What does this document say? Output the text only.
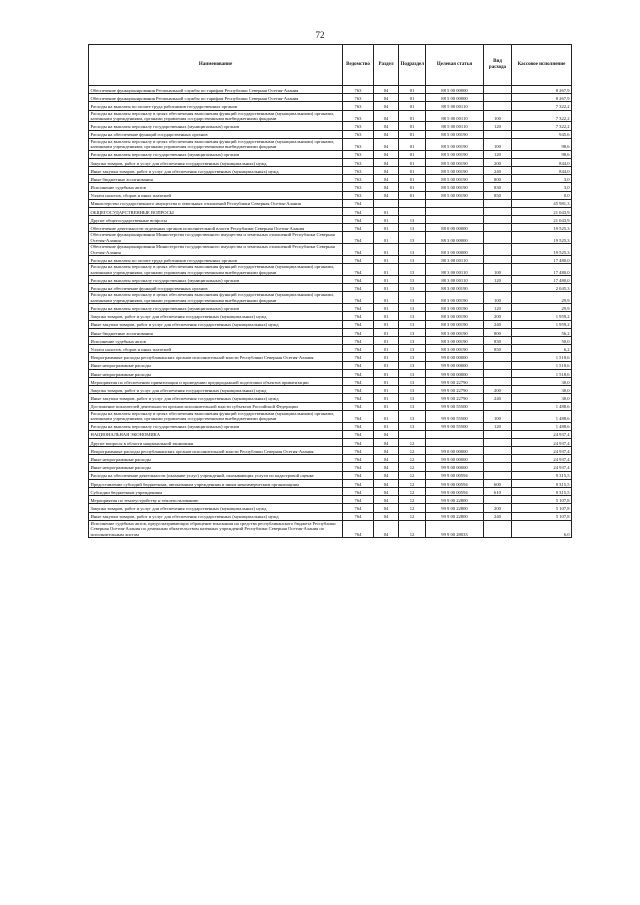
72
Наименование	Ведомство	Раздел	Подраздел	Целевая статья	Вид расхода	Кассовое исполнение
Обеспечение функционирования Региональной службы по тарифам Республики Северная Осетия-Алания	763	04	01	88 5 00 00000		8 267,9
Обеспечение функционирования Региональной службы по тарифам Республики Северная Осетия-Алания	763	04	01	88 5 00 00000		8 267,9
Расходы на выплаты по оплате труда работников государственных органов	763	04	01	88 5 00 00110		7 322,2
Расходы на выплаты персоналу в целях обеспечения выполнения функций государственными (муниципальными) органами, казенными учреждениями, органами управления государственными внебюджетными фондами	763	04	01	88 5 00 00110	100	7 322,2
Расходы на выплаты персоналу государственных (муниципальных) органов	763	04	01	88 5 00 00110	120	7 322,2
Расходы на обеспечение функций государственных органов	763	04	01	88 5 00 00190		945,6
Расходы на выплаты персоналу в целях обеспечения выполнения функций государственными (муниципальными) органами, казенными учреждениями, органами управления государственными внебюджетными фондами	763	04	01	88 5 00 00190	100	98,6
Расходы на выплаты персоналу государственных (муниципальных) органов	763	04	01	88 5 00 00190	120	98,6
Закупка товаров, работ и услуг для обеспечения государственных (муниципальных) нужд	763	04	01	88 5 00 00190	200	844,0
Иные закупки товаров, работ и услуг для обеспечения государственных (муниципальных) нужд	763	04	01	88 5 00 00190	240	844,0
Иные бюджетные ассигнования	763	04	01	88 5 00 00190	800	3,0
Исполнение судебных актов	763	04	01	88 5 00 00190	830	3,0
Уплата налогов, сборов и иных платежей	763	04	01	88 5 00 00190	850	0,0
Министерство государственного имущества и земельных отношений Республики Северная Осетия-Алания	764					45 981,3
ОБЩЕГОСУДАРСТВЕННЫЕ ВОПРОСЫ	764	01				21 043,9
Другие общегосударственные вопросы	764	01	13			21 043,9
Обеспечение деятельности отдельных органов исполнительной власти Республики Северная Осетия-Алания	764	01	13	88 0 00 00000		19 525,3
Обеспечение функционирования Министерства государственного имущества и земельных отношений Республики Северная Осетия-Алания	764	01	13	88 3 00 00000		19 525,3
Обеспечение функционирования Министерства государственного имущества и земельных отношений Республики Северная Осетия-Алания	764	01	13	88 3 00 00000		19 525,3
Расходы на выплаты по оплате труда работников государственных органов	764	01	13	88 3 00 00110		17 480,0
Расходы на выплаты персоналу в целях обеспечения выполнения функций государственными (муниципальными) органами, казенными учреждениями, органами управления государственными внебюджетными фондами	764	01	13	88 3 00 00110	100	17 480,0
Расходы на выплаты персоналу государственных (муниципальных) органов	764	01	13	88 3 00 00110	120	17 480,0
Расходы на обеспечение функций государственных органов	764	01	13	88 3 00 00190		2 045,3
Расходы на выплаты персоналу в целях обеспечения выполнения функций государственными (муниципальными) органами, казенными учреждениями, органами управления государственными внебюджетными фондами	764	01	13	88 3 00 00190	100	29,9
Расходы на выплаты персоналу государственных (муниципальных) органов	764	01	13	88 3 00 00190	120	29,9
Закупка товаров, работ и услуг для обеспечения государственных (муниципальных) нужд	764	01	13	88 3 00 00190	200	1 959,2
Иные закупки товаров, работ и услуг для обеспечения государственных (муниципальных) нужд	764	01	13	88 3 00 00190	240	1 959,2
Иные бюджетные ассигнования	764	01	13	88 3 00 00190	800	56,2
Исполнение судебных актов	764	01	13	88 3 00 00190	830	50,0
Уплата налогов, сборов и иных платежей	764	01	13	88 3 00 00190	850	6,2
Непрограммные расходы республиканских органов исполнительной власти Республики Северная Осетия-Алания	764	01	13	99 0 00 00000		1 518,6
Иные непрограммные расходы	764	01	13	99 9 00 00000		1 518,6
Иные непрограммные расходы	764	01	13	99 9 00 00000		1 518,6
Мероприятия по обеспечению приватизации и проведению предпродажной подготовки объектов приватизации	764	01	13	99 9 00 22790		30,0
Закупка товаров, работ и услуг для обеспечения государственных (муниципальных) нужд	764	01	13	99 9 00 22790	200	30,0
Иные закупки товаров, работ и услуг для обеспечения государственных (муниципальных) нужд	764	01	13	99 9 00 22790	240	30,0
Достижение показателей деятельности органов исполнительной власти субъектов Российской Федерации	764	01	13	99 9 00 55500		1 488,6
Расходы на выплаты персоналу в целях обеспечения выполнения функций государственными (муниципальными) органами, казенными учреждениями, органами управления государственными внебюджетными фондами	764	01	13	99 9 00 55500	100	1 488,6
Расходы на выплаты персоналу государственных (муниципальных) органов	764	01	13	99 9 00 55500	120	1 488,6
НАЦИОНАЛЬНАЯ ЭКОНОМИКА	764	04				24 937,4
Другие вопросы в области национальной экономики	764	04	12			24 937,4
Непрограммные расходы республиканских органов исполнительной власти Республики Северная Осетия-Алания	764	04	12	99 0 00 00000		24 937,4
Иные непрограммные расходы	764	04	12	99 9 00 00000		24 937,4
Иные непрограммные расходы	764	04	12	99 9 00 00000		24 937,4
Расходы на обеспечение деятельности (оказание услуг) учреждений, оказывающих услуги по кадастровой оценке	764	04	12	99 9 00 00594		9 315,5
Предоставление субсидий бюджетным, автономным учреждениям и иным некоммерческим организациям	764	04	12	99 9 00 00594	600	9 315,5
Субсидии бюджетным учреждениям	764	04	12	99 9 00 00594	610	9 315,5
Мероприятия по землеустройству и землепользованию	764	04	12	99 9 00 22800		5 107,8
Закупка товаров, работ и услуг для обеспечения государственных (муниципальных) нужд	764	04	12	99 9 00 22800	200	5 107,8
Иные закупки товаров, работ и услуг для обеспечения государственных (муниципальных) нужд	764	04	12	99 9 00 22800	240	5 107,8
Исполнение судебных актов, предусматривающих обращение взыскания на средства республиканского бюджета Республики Северная Осетия-Алания по денежным обязательствам казенных учреждений Республики Северная Осетия-Алания по исполнительным листам	764	04	12	99 9 00 28033		6,0
